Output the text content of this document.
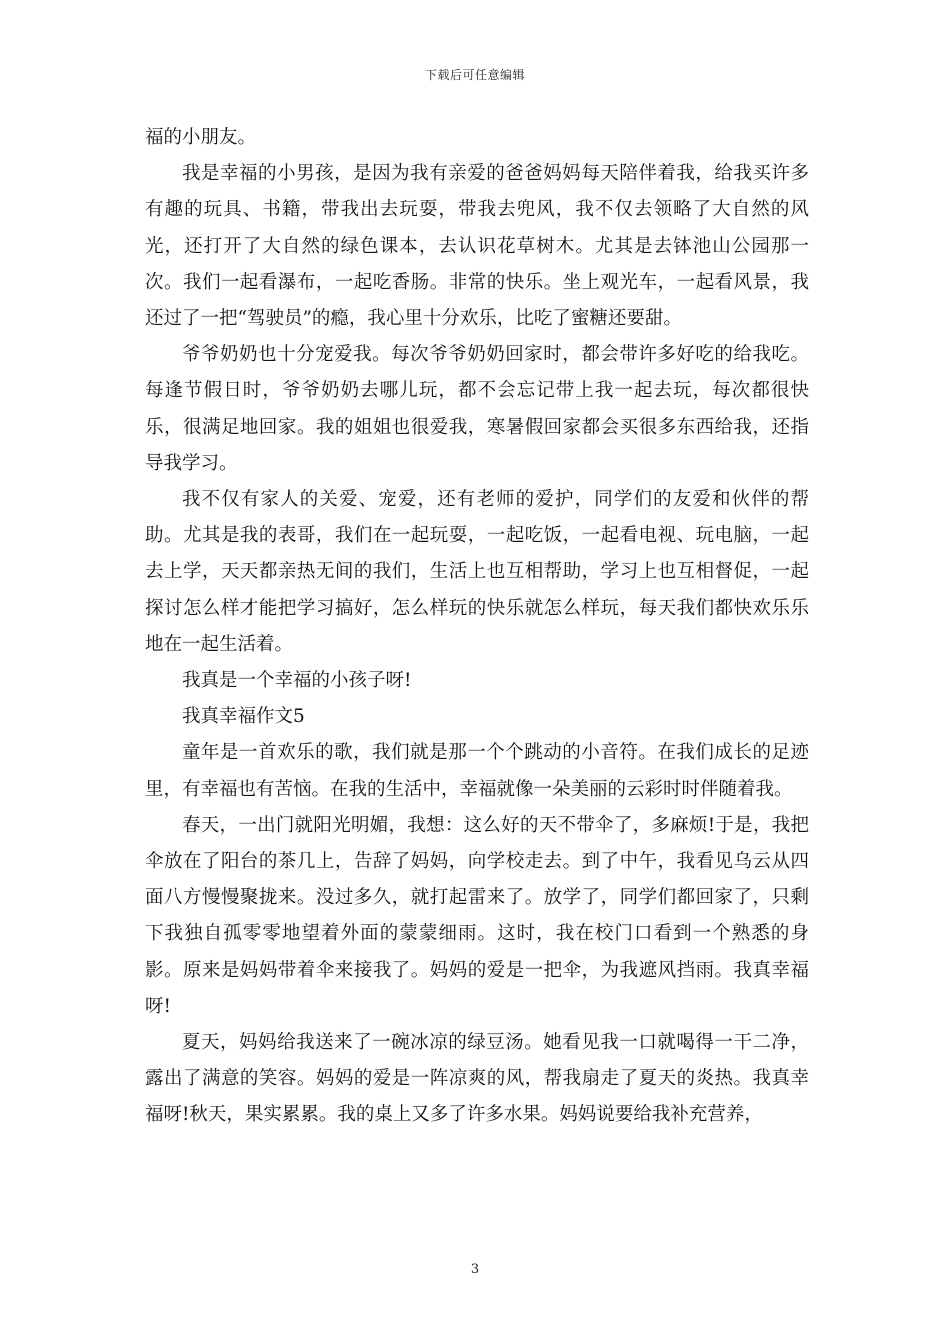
下载后可任意编辑

福的小朋友。

我是幸福的小男孩，是因为我有亲爱的爸爸妈妈每天陪伴着我，给我买许多有趣的玩具、书籍，带我出去玩耍，带我去兜风，我不仅去领略了大自然的风光，还打开了大自然的绿色课本，去认识花草树木。尤其是去钵池山公园那一次。我们一起看瀑布，一起吃香肠。非常的快乐。坐上观光车，一起看风景，我还过了一把“驾驶员”的瘾，我心里十分欢乐，比吃了蜜糖还要甜。

爷爷奶奶也十分宠爱我。每次爷爷奶奶回家时，都会带许多好吃的给我吃。每逢节假日时，爷爷奶奶去哪儿玩，都不会忘记带上我一起去玩，每次都很快乐，很满足地回家。我的姐姐也很爱我，寒暑假回家都会买很多东西给我，还指导我学习。

我不仅有家人的关爱、宠爱，还有老师的爱护，同学们的友爱和伙伴的帮助。尤其是我的表哥，我们在一起玩耍，一起吃饭，一起看电视、玩电脑，一起去上学，天天都亲热无间的我们，生活上也互相帮助，学习上也互相督促，一起探讨怎么样才能把学习搞好，怎么样玩的快乐就怎么样玩，每天我们都快欢乐乐地在一起生活着。

我真是一个幸福的小孩子呀!

我真幸福作文5

童年是一首欢乐的歌，我们就是那一个个跳动的小音符。在我们成长的足迹里，有幸福也有苦恼。在我的生活中，幸福就像一朵美丽的云彩时时伴随着我。

春天，一出门就阳光明媚，我想：这么好的天不带伞了，多麻烦!于是，我把伞放在了阳台的茶几上，告辞了妈妈，向学校走去。到了中午，我看见乌云从四面八方慢慢聚拢来。没过多久，就打起雷来了。放学了，同学们都回家了，只剩下我独自孤零零地望着外面的蒙蒙细雨。这时，我在校门口看到一个熟悉的身影。原来是妈妈带着伞来接我了。妈妈的爱是一把伞，为我遮风挡雨。我真幸福呀!

夏天，妈妈给我送来了一碗冰凉的绿豆汤。她看见我一口就喝得一干二净，露出了满意的笑容。妈妈的爱是一阵凉爽的风，帮我扇走了夏天的炎热。我真幸福呀!秋天，果实累累。我的桌上又多了许多水果。妈妈说要给我补充营养，

3
